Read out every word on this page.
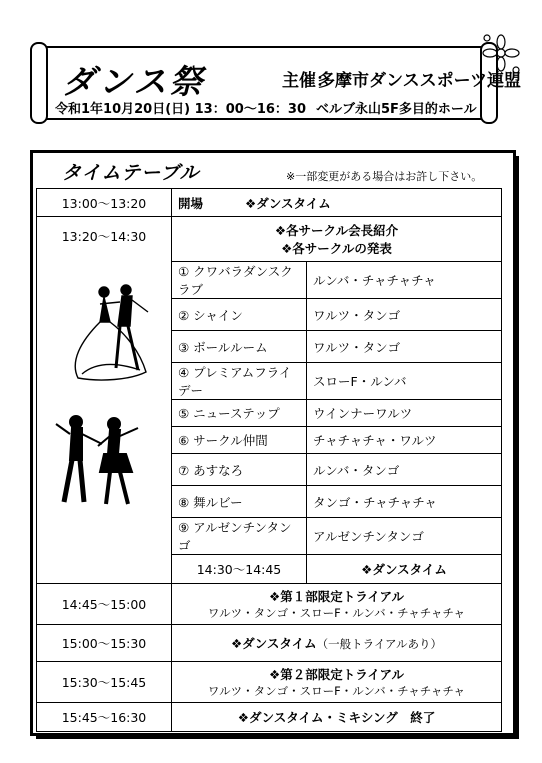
ダンス祭	主催：
多摩市ダンススポーツ連盟
令和1年10月20日(日) 13：00～16：30 ベルブ永山5F多目的ホール
タイムテーブル	※一部変更がある場合はお許し下さい。
13:00～13:20	開場 ❖ダンスタイム	
13:20～14:30	❖各サークル会長紹介
❖各サークルの発表	

	① クワバラダンスクラブ	ルンバ・チャチャチャ
	② シャイン	ワルツ・タンゴ
	③ ボールルーム	ワルツ・タンゴ
	④ プレミアムフライデー	スローF・ルンバ
	⑤ ニューステップ	ウインナーワルツ
	⑥ サークル仲間	チャチャチャ・ワルツ
	⑦ あすなろ	ルンバ・タンゴ
	⑧ 舞ルビー	タンゴ・チャチャチャ
	⑨ アルゼンチンタンゴ	アルゼンチンタンゴ
	14:30～14:45	❖ダンスタイム
14:45～15:00	❖第１部限定トライアル
ワルツ・タンゴ・スローF・ルンバ・チャチャチャ	

15:00～15:30	❖ダンスタイム（一般トライアルあり）	
15:30～15:45	❖第２部限定トライアル
ワルツ・タンゴ・スローF・ルンバ・チャチャチャ	

15:45～16:30	❖ダンスタイム・ミキシング　終了	
